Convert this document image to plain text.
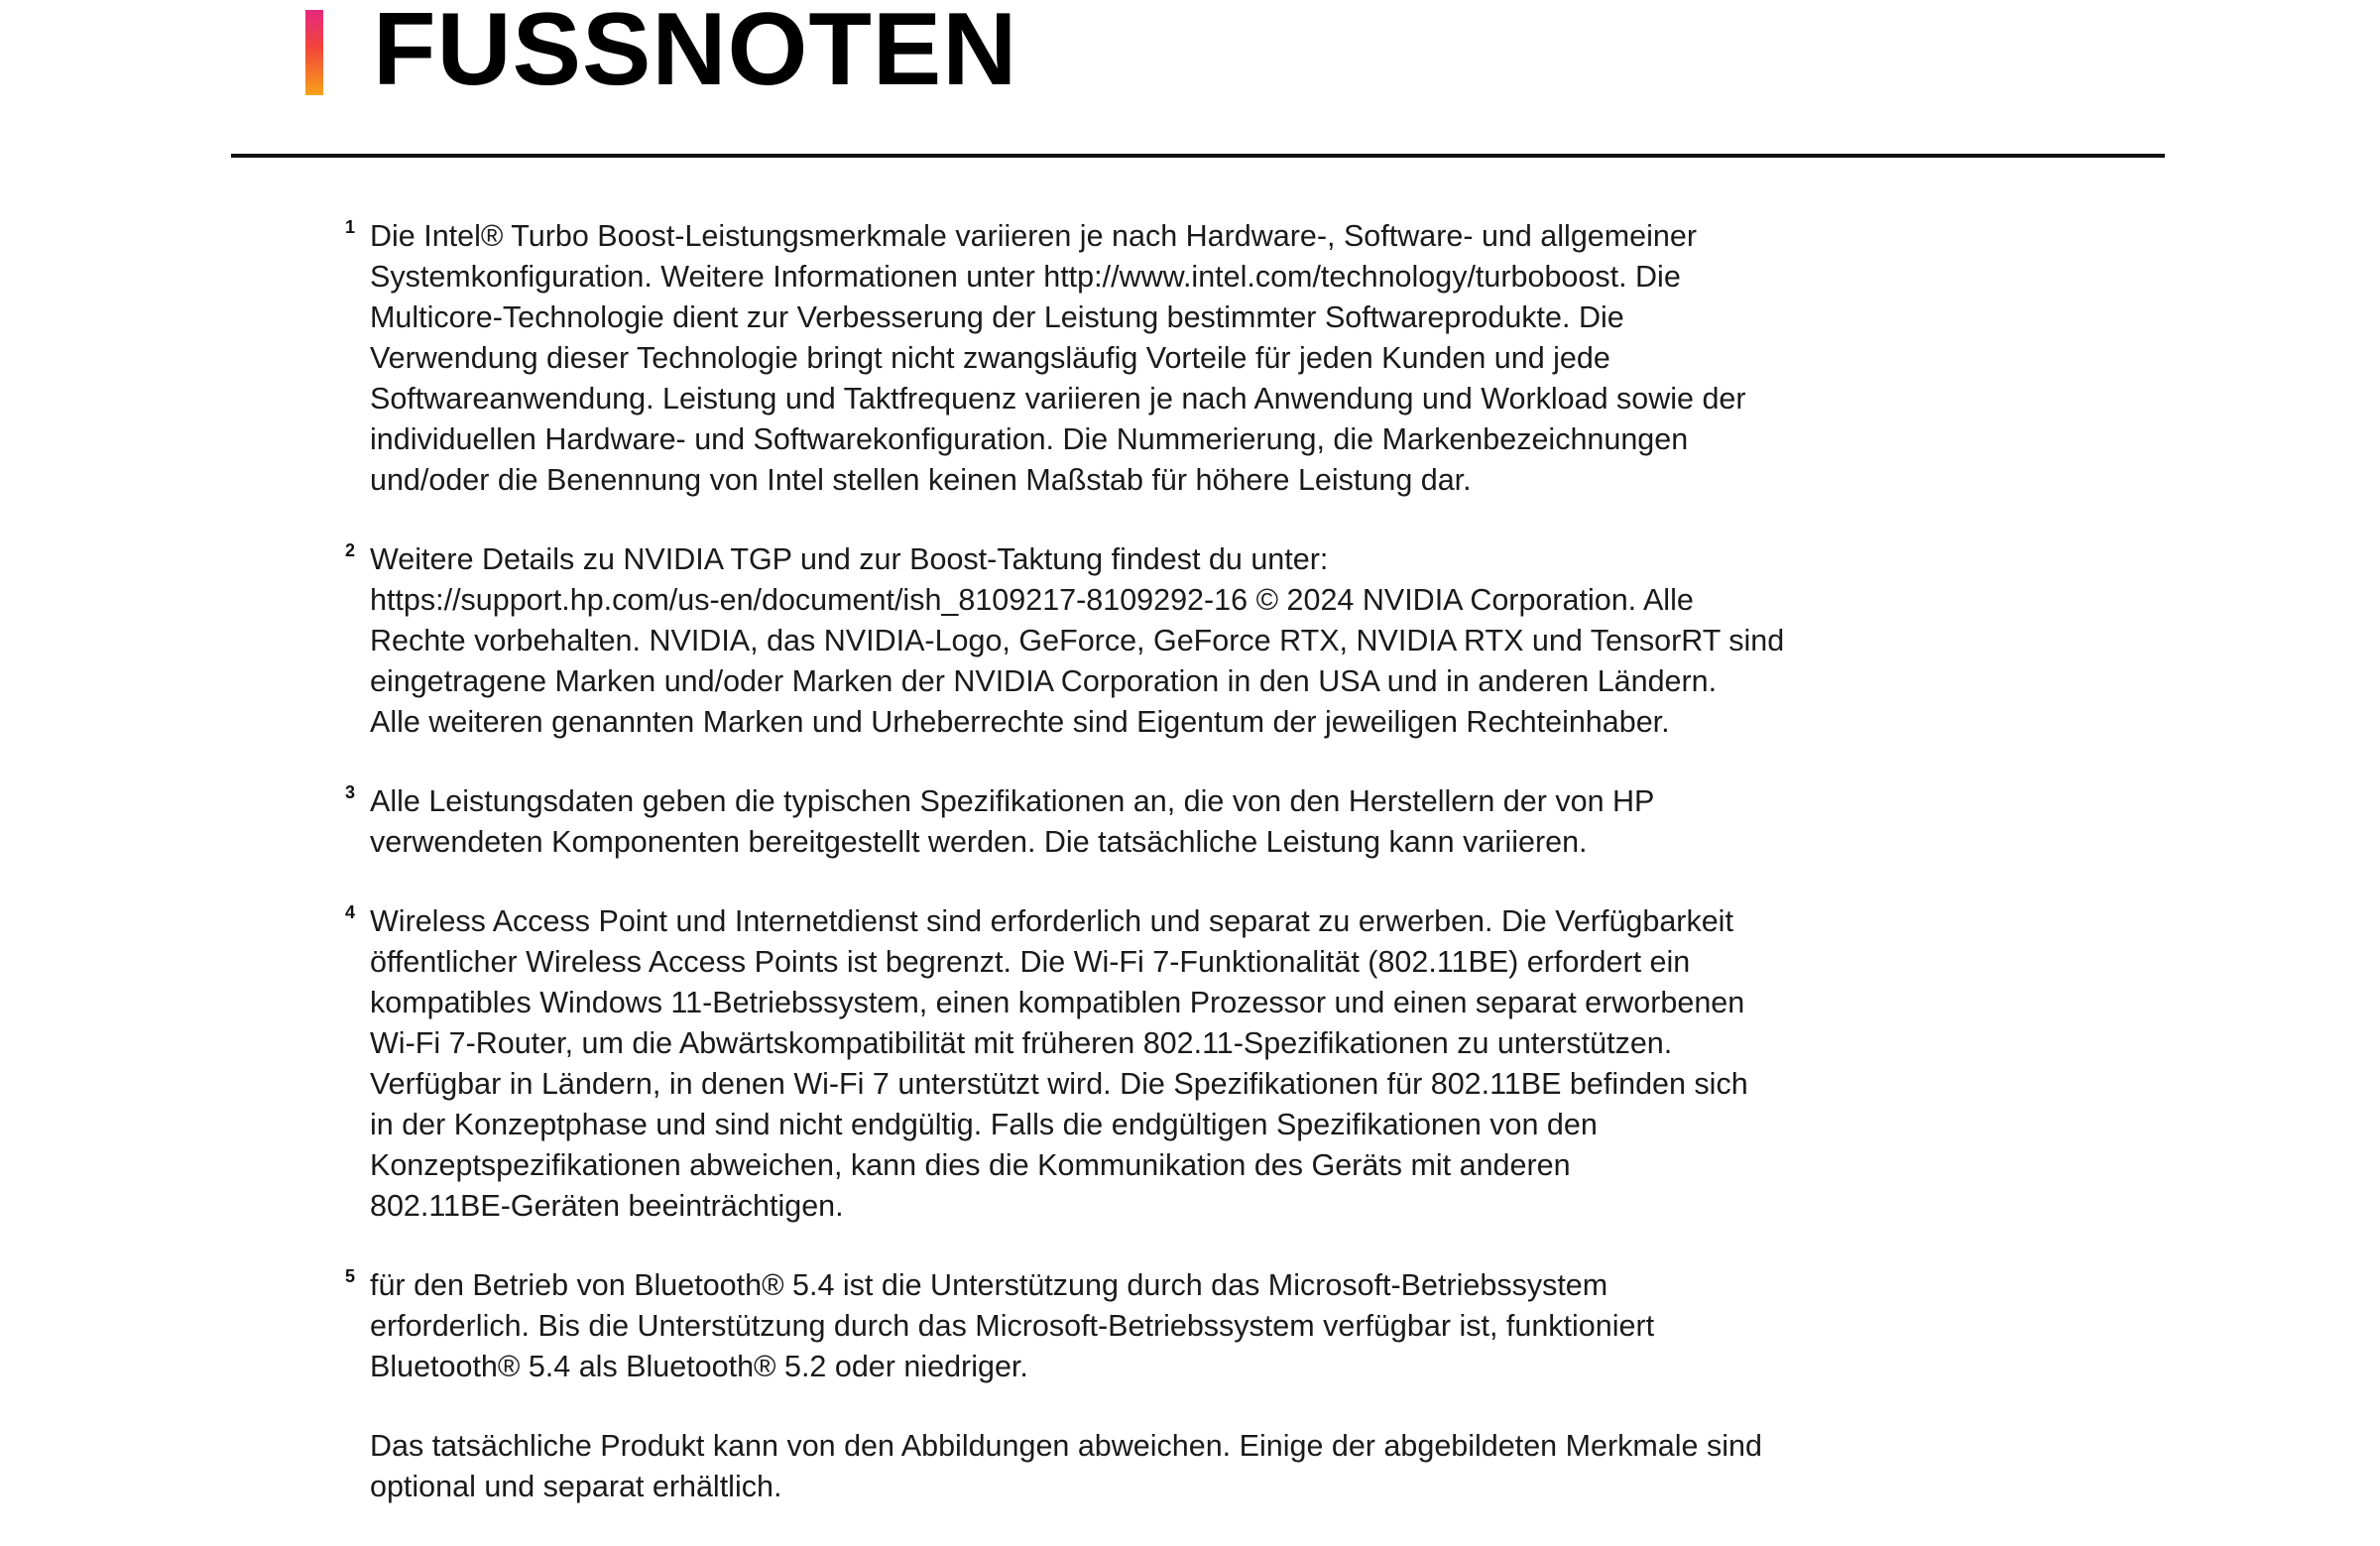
FUSSNOTEN
1 Die Intel® Turbo Boost-Leistungsmerkmale variieren je nach Hardware-, Software- und allgemeiner
Systemkonfiguration. Weitere Informationen unter http://www.intel.com/technology/turboboost. Die
Multicore-Technologie dient zur Verbesserung der Leistung bestimmter Softwareprodukte. Die
Verwendung dieser Technologie bringt nicht zwangsläufig Vorteile für jeden Kunden und jede
Softwareanwendung. Leistung und Taktfrequenz variieren je nach Anwendung und Workload sowie der
individuellen Hardware- und Softwarekonfiguration. Die Nummerierung, die Markenbezeichnungen
und/oder die Benennung von Intel stellen keinen Maßstab für höhere Leistung dar.
2 Weitere Details zu NVIDIA TGP und zur Boost-Taktung findest du unter:
https://support.hp.com/us-en/document/ish_8109217-8109292-16 © 2024 NVIDIA Corporation. Alle
Rechte vorbehalten. NVIDIA, das NVIDIA-Logo, GeForce, GeForce RTX, NVIDIA RTX und TensorRT sind
eingetragene Marken und/oder Marken der NVIDIA Corporation in den USA und in anderen Ländern.
Alle weiteren genannten Marken und Urheberrechte sind Eigentum der jeweiligen Rechteinhaber.
3 Alle Leistungsdaten geben die typischen Spezifikationen an, die von den Herstellern der von HP
verwendeten Komponenten bereitgestellt werden. Die tatsächliche Leistung kann variieren.
4 Wireless Access Point und Internetdienst sind erforderlich und separat zu erwerben. Die Verfügbarkeit
öffentlicher Wireless Access Points ist begrenzt. Die Wi-Fi 7-Funktionalität (802.11BE) erfordert ein
kompatibles Windows 11-Betriebssystem, einen kompatiblen Prozessor und einen separat erworbenen
Wi-Fi 7-Router, um die Abwärtskompatibilität mit früheren 802.11-Spezifikationen zu unterstützen.
Verfügbar in Ländern, in denen Wi-Fi 7 unterstützt wird. Die Spezifikationen für 802.11BE befinden sich
in der Konzeptphase und sind nicht endgültig. Falls die endgültigen Spezifikationen von den
Konzeptspezifikationen abweichen, kann dies die Kommunikation des Geräts mit anderen
802.11BE-Geräten beeinträchtigen.
5 für den Betrieb von Bluetooth® 5.4 ist die Unterstützung durch das Microsoft-Betriebssystem
erforderlich. Bis die Unterstützung durch das Microsoft-Betriebssystem verfügbar ist, funktioniert
Bluetooth® 5.4 als Bluetooth® 5.2 oder niedriger.
Das tatsächliche Produkt kann von den Abbildungen abweichen. Einige der abgebildeten Merkmale sind
optional und separat erhältlich.
